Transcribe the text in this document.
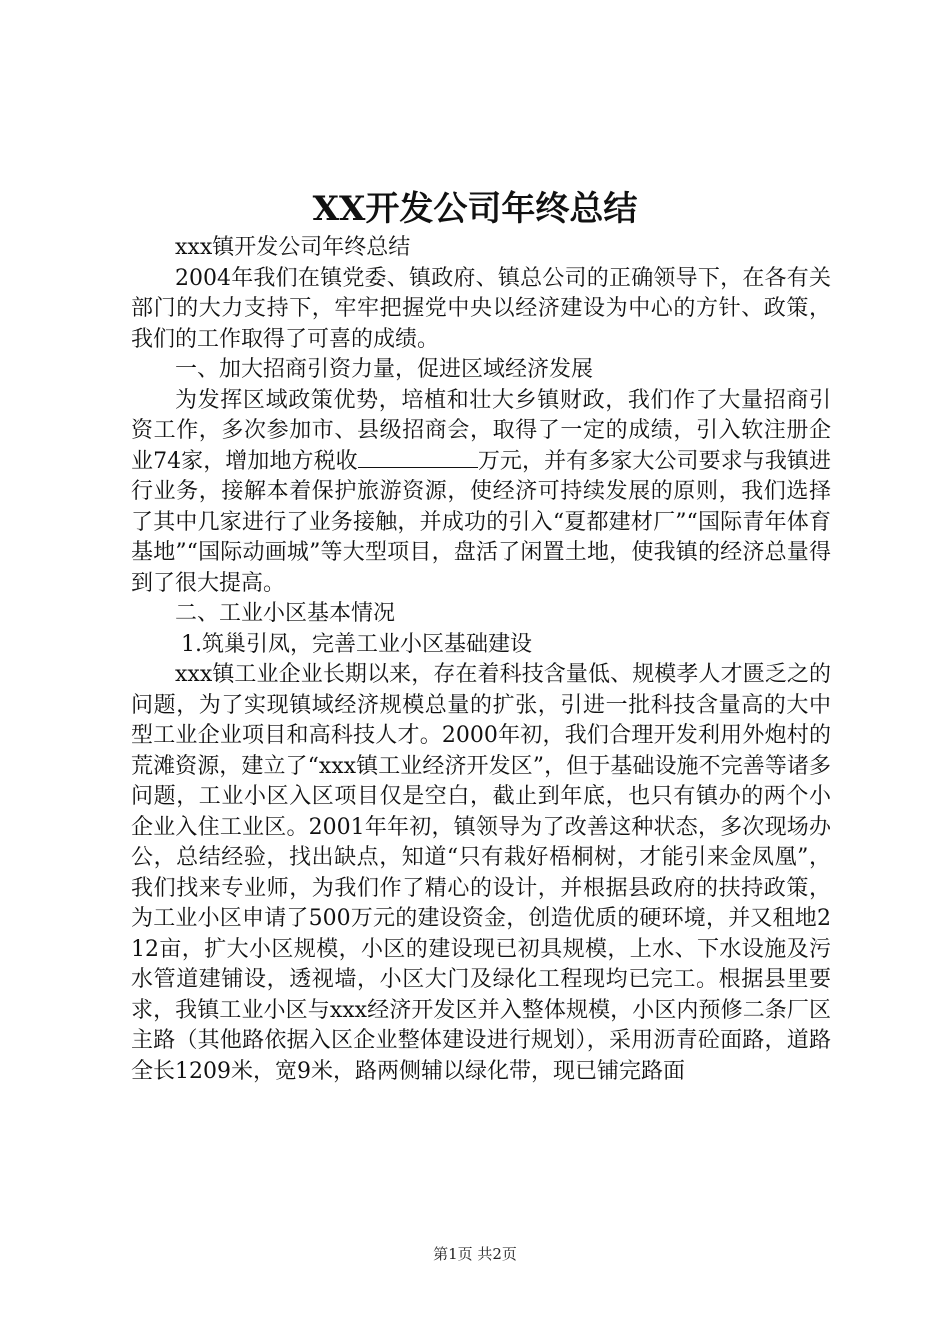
XX开发公司年终总结

xxx镇开发公司年终总结

2004年我们在镇党委、镇政府、镇总公司的正确领导下，在各有关部门的大力支持下，牢牢把握党中央以经济建设为中心的方针、政策，我们的工作取得了可喜的成绩。

一、加大招商引资力量，促进区域经济发展

为发挥区域政策优势，培植和壮大乡镇财政，我们作了大量招商引资工作，多次参加市、县级招商会，取得了一定的成绩，引入软注册企业74家，增加地方税收	万元，并有多家大公司要求与我镇进行业务，接解本着保护旅游资源，使经济可持续发展的原则，我们选择了其中几家进行了业务接触，并成功的引入“夏都建材厂”“国际青年体育基地”“国际动画城”等大型项目，盘活了闲置土地，使我镇的经济总量得到了很大提高。

二、工业小区基本情况

1.筑巢引凤，完善工业小区基础建设

xxx镇工业企业长期以来，存在着科技含量低、规模孝人才匮乏之的问题，为了实现镇域经济规模总量的扩张，引进一批科技含量高的大中型工业企业项目和高科技人才。2000年初，我们合理开发利用外炮村的荒滩资源，建立了“xxx镇工业经济开发区”，但于基础设施不完善等诸多问题，工业小区入区项目仅是空白，截止到年底，也只有镇办的两个小企业入住工业区。2001年年初，镇领导为了改善这种状态，多次现场办公，总结经验，找出缺点，知道“只有栽好梧桐树，才能引来金凤凰”，我们找来专业师，为我们作了精心的设计，并根据县政府的扶持政策，为工业小区申请了500万元的建设资金，创造优质的硬环境，并又租地212亩，扩大小区规模，小区的建设现已初具规模，上水、下水设施及污水管道建铺设，透视墙，小区大门及绿化工程现均已完工。根据县里要求，我镇工业小区与xxx经济开发区并入整体规模，小区内预修二条厂区主路（其他路依据入区企业整体建设进行规划），采用沥青砼面路，道路全长1209米，宽9米，路两侧辅以绿化带，现已铺完路面

第1页 共2页
